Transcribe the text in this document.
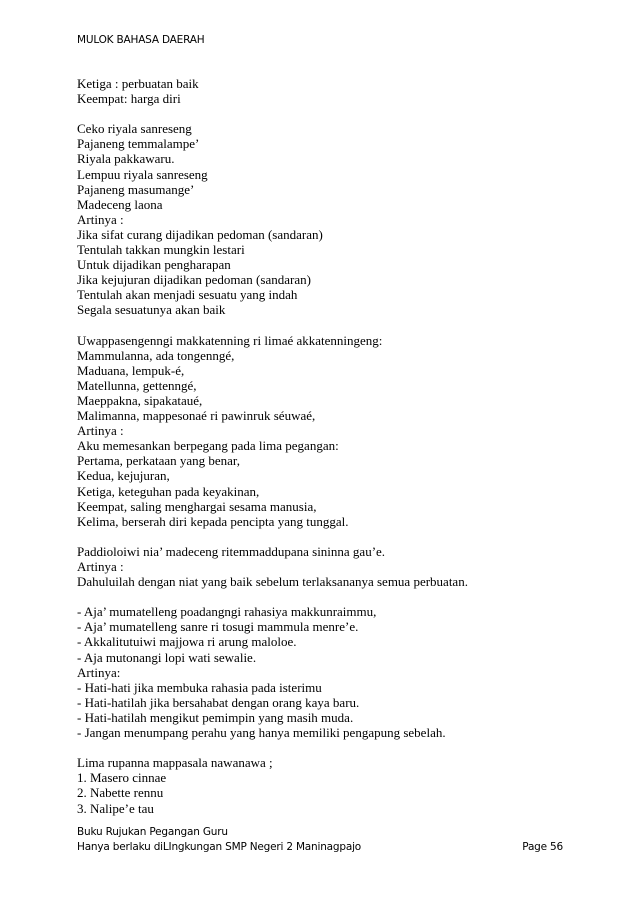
MULOK BAHASA DAERAH
Ketiga : perbuatan baik
Keempat: harga diri
Ceko riyala sanreseng
Pajaneng temmalampe’
Riyala pakkawaru.
Lempuu riyala sanreseng
Pajaneng masumange’
Madeceng laona
Artinya :
Jika sifat curang dijadikan pedoman (sandaran)
Tentulah takkan mungkin lestari
Untuk dijadikan pengharapan
Jika kejujuran dijadikan pedoman (sandaran)
Tentulah akan menjadi sesuatu yang indah
Segala sesuatunya akan baik
Uwappasengenngi makkatenning ri limaé akkatenningeng:
Mammulanna, ada tongenngé,
Maduana, lempuk-é,
Matellunna, gettenngé,
Maeppakna, sipakataué,
Malimanna, mappesonaé ri pawinruk séuwaé,
Artinya :
Aku memesankan berpegang pada lima pegangan:
Pertama, perkataan yang benar,
Kedua, kejujuran,
Ketiga, keteguhan pada keyakinan,
Keempat, saling menghargai sesama manusia,
Kelima, berserah diri kepada pencipta yang tunggal.
Paddioloiwi nia’ madeceng ritemmaddupana sininna gau’e.
Artinya :
Dahuluilah dengan niat yang baik sebelum terlaksananya semua perbuatan.
- Aja’ mumatelleng poadangngi rahasiya makkunraimmu,
- Aja’ mumatelleng sanre ri tosugi mammula menre’e.
- Akkalitutuiwi majjowa ri arung maloloe.
- Aja mutonangi lopi wati sewalie.
Artinya:
- Hati-hati jika membuka rahasia pada isterimu
- Hati-hatilah jika bersahabat dengan orang kaya baru.
- Hati-hatilah mengikut pemimpin yang masih muda.
- Jangan menumpang perahu yang hanya memiliki pengapung sebelah.
Lima rupanna mappasala nawanawa ;
1. Masero cinnae
2. Nabette rennu
3. Nalipe’e tau
Buku Rujukan Pegangan Guru
Hanya berlaku diLIngkungan SMP Negeri 2 Maninagpajo	Page 56
